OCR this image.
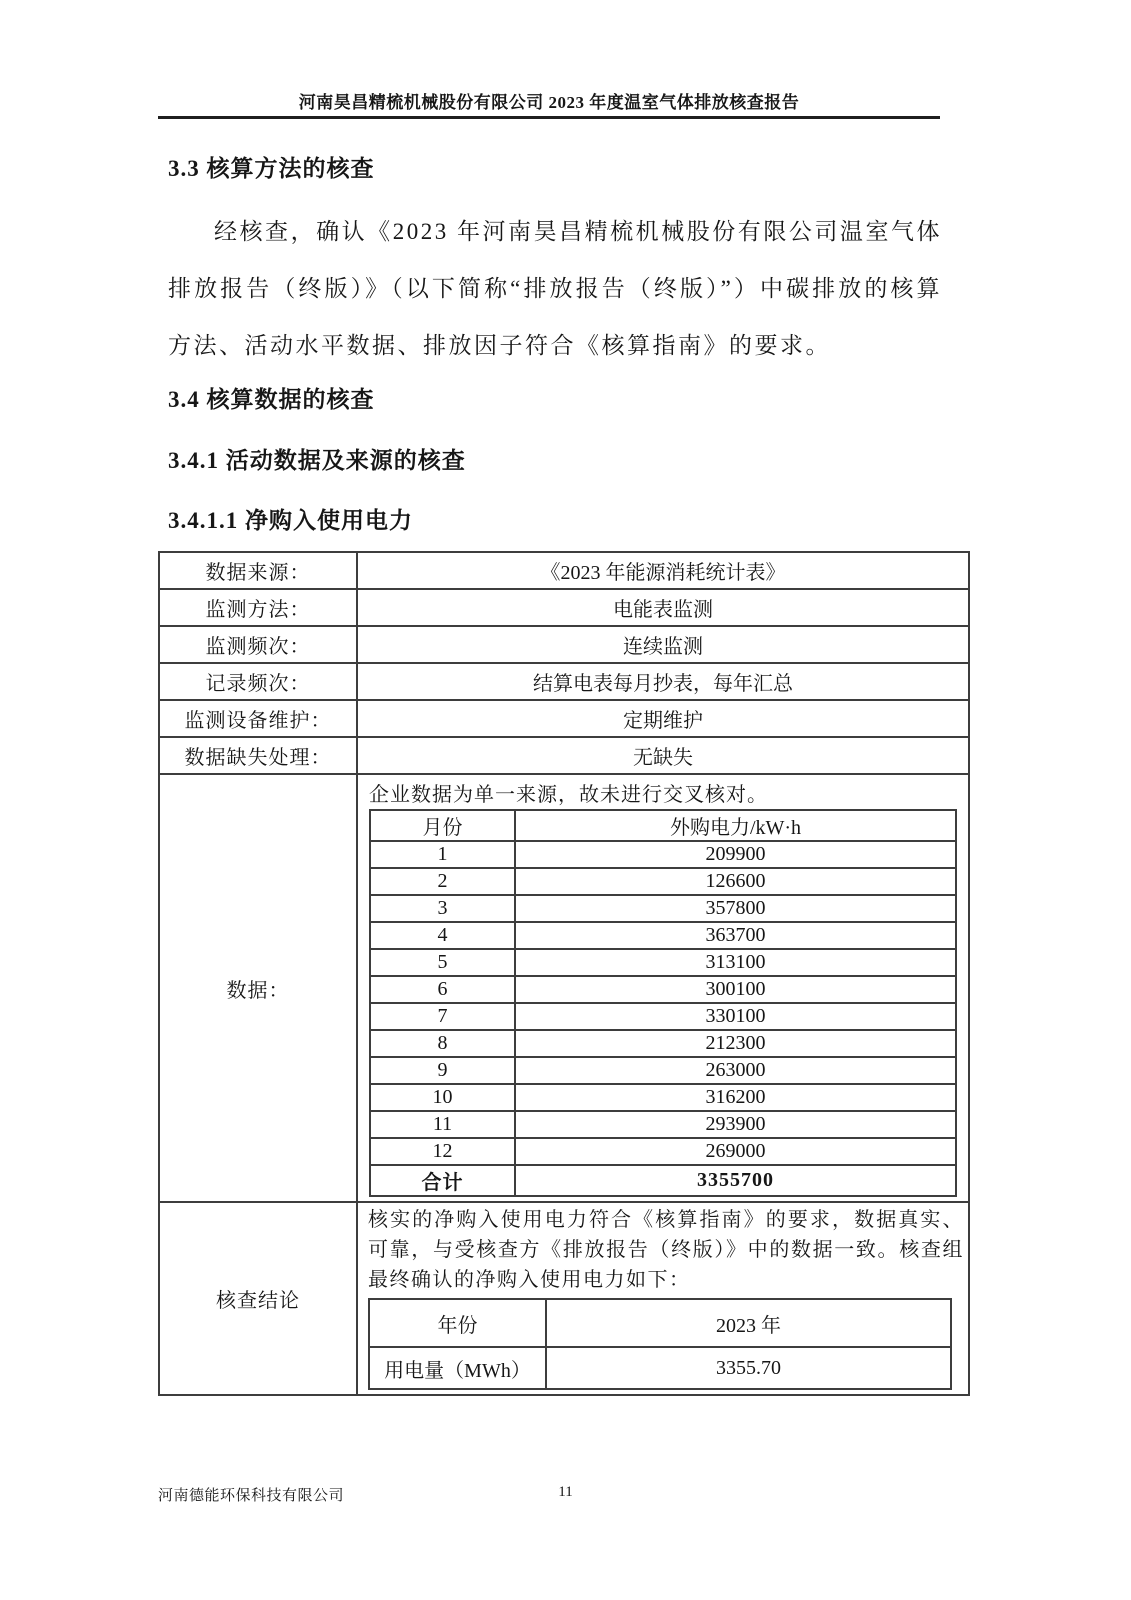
河南昊昌精梳机械股份有限公司 2023 年度温室气体排放核查报告
3.3 核算方法的核查
经核查，确认《2023 年河南昊昌精梳机械股份有限公司温室气体排放报告（终版）》（以下简称“排放报告（终版）”）中碳排放的核算方法、活动水平数据、排放因子符合《核算指南》的要求。
3.4 核算数据的核查
3.4.1 活动数据及来源的核查
3.4.1.1 净购入使用电力
数据来源：	《2023 年能源消耗统计表》
监测方法：	电能表监测
监测频次：	连续监测
记录频次：	结算电表每月抄表，每年汇总
监测设备维护：	定期维护
数据缺失处理：	无缺失
数据：	
企业数据为单一来源，故未进行交叉核对。
月份	外购电力/kW·h
1	209900
2	126600
3	357800
4	363700
5	313100
6	300100
7	330100
8	212300
9	263000
10	316200
11	293900
12	269000
合计	3355700

核查结论	
核实的净购入使用电力符合《核算指南》的要求，数据真实、可靠，与受核查方《排放报告（终版）》中的数据一致。核查组最终确认的净购入使用电力如下：
年份	2023 年
用电量（MWh）	3355.70
河南德能环保科技有限公司	11
